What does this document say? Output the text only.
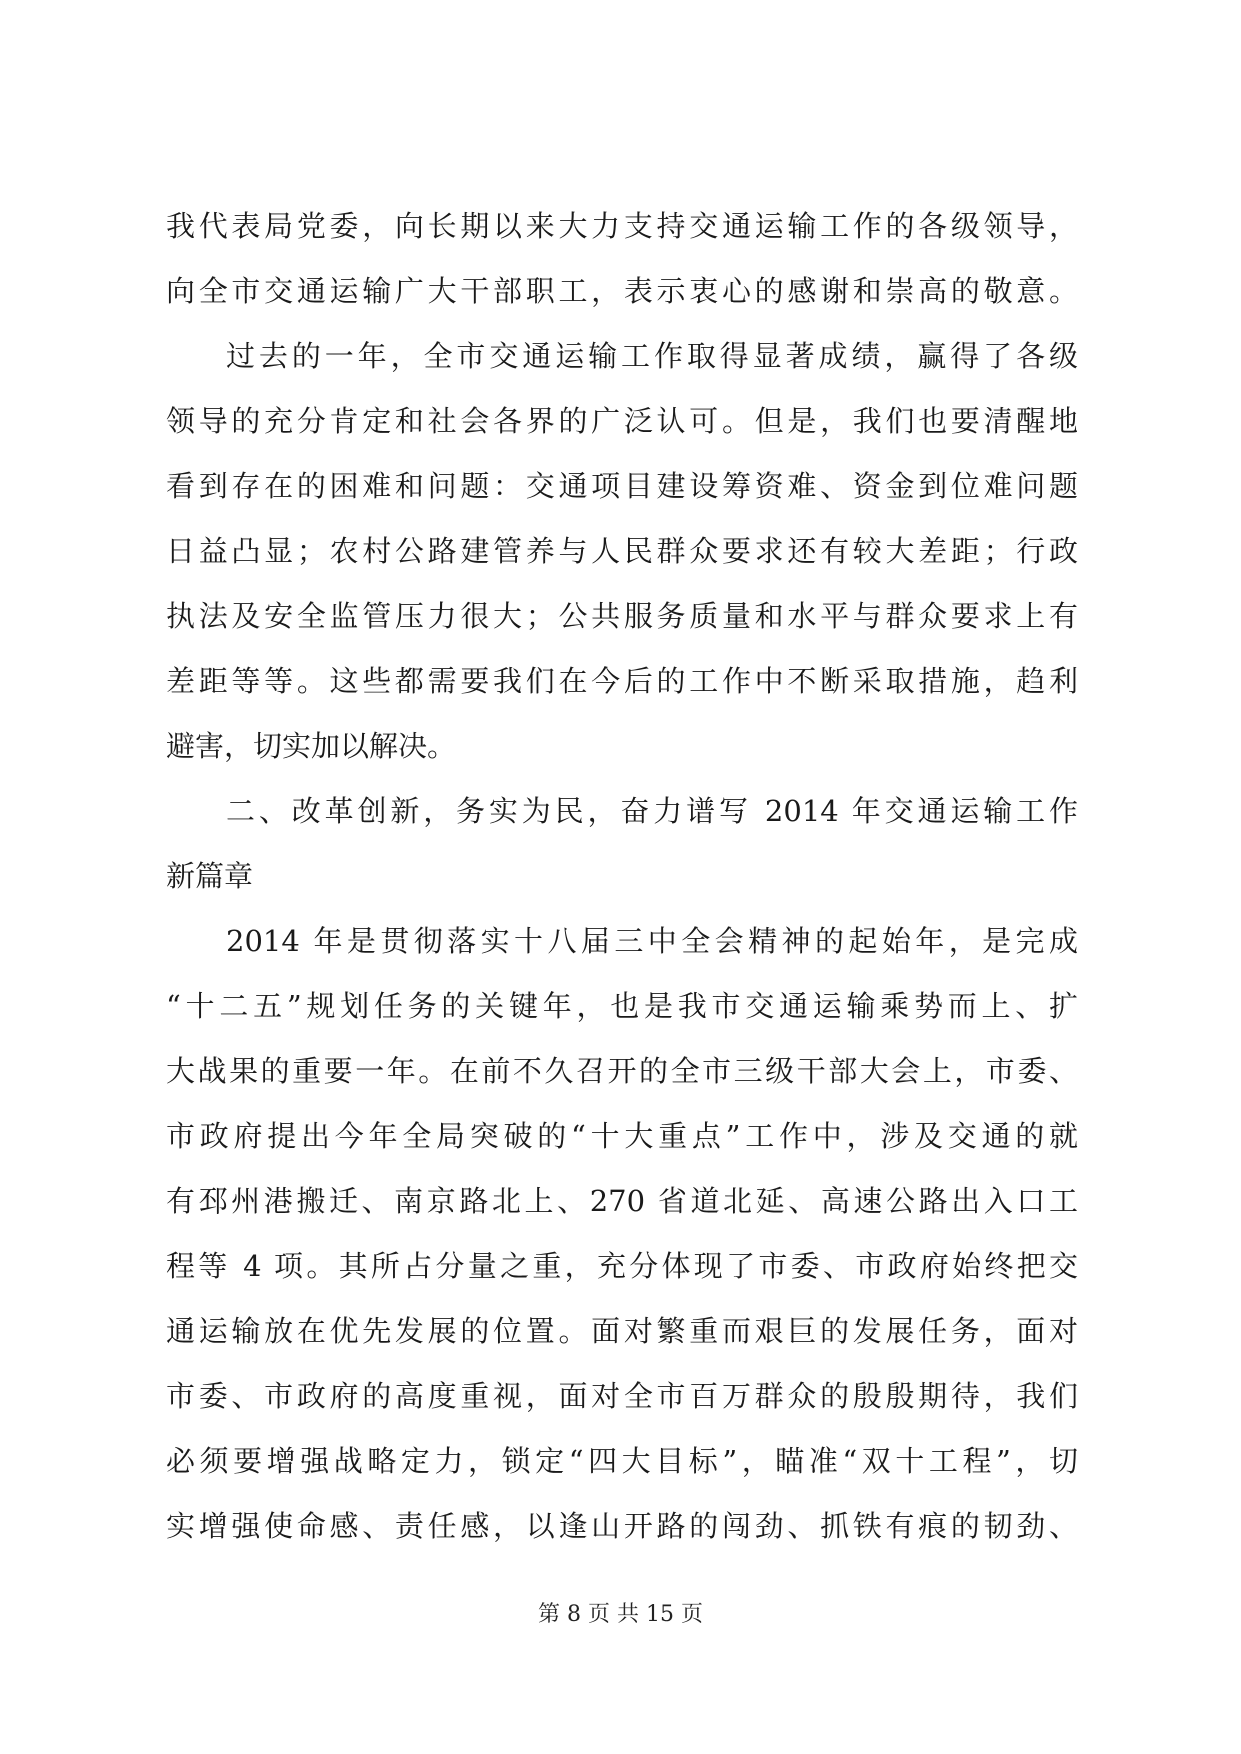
我代表局党委，向长期以来大力支持交通运输工作的各级领导，
向全市交通运输广大干部职工，表示衷心的感谢和崇高的敬意。
过去的一年，全市交通运输工作取得显著成绩，赢得了各级
领导的充分肯定和社会各界的广泛认可。但是，我们也要清醒地
看到存在的困难和问题：交通项目建设筹资难、资金到位难问题
日益凸显；农村公路建管养与人民群众要求还有较大差距；行政
执法及安全监管压力很大；公共服务质量和水平与群众要求上有
差距等等。这些都需要我们在今后的工作中不断采取措施，趋利
避害，切实加以解决。
二、改革创新，务实为民，奋力谱写 2014 年交通运输工作
新篇章
2014 年是贯彻落实十八届三中全会精神的起始年，是完成
“十二五”规划任务的关键年，也是我市交通运输乘势而上、扩
大战果的重要一年。在前不久召开的全市三级干部大会上，市委、
市政府提出今年全局突破的“十大重点”工作中，涉及交通的就
有邳州港搬迁、南京路北上、270 省道北延、高速公路出入口工
程等 4 项。其所占分量之重，充分体现了市委、市政府始终把交
通运输放在优先发展的位置。面对繁重而艰巨的发展任务，面对
市委、市政府的高度重视，面对全市百万群众的殷殷期待，我们
必须要增强战略定力，锁定“四大目标”，瞄准“双十工程”，切
实增强使命感、责任感，以逢山开路的闯劲、抓铁有痕的韧劲、
第 8 页 共 15 页
